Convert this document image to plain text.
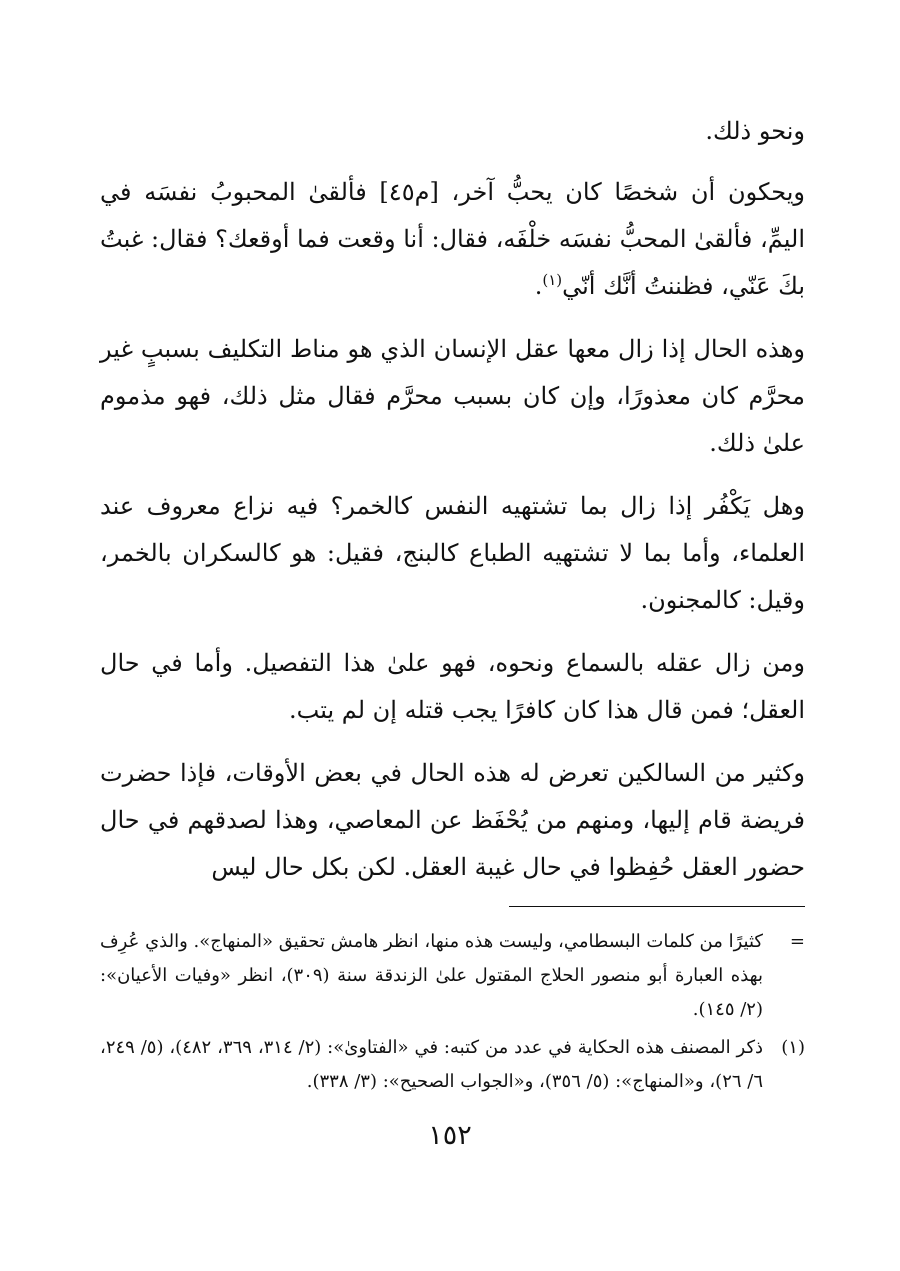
ونحو ذلك.

ويحكون أن شخصًا كان يحبُّ آخر، [م٤٥] فألقىٰ المحبوبُ نفسَه في اليمِّ، فألقىٰ المحبُّ نفسَه خلْفَه، فقال: أنا وقعت فما أوقعك؟ فقال: غبتُ بكَ عَنّي، فظننتُ أنَّك أنّي$^{(١)}$.

وهذه الحال إذا زال معها عقل الإنسان الذي هو مناط التكليف بسببٍ غير محرَّم كان معذورًا، وإن كان بسبب محرَّم فقال مثل ذلك، فهو مذموم علىٰ ذلك.

وهل يَكْفُر إذا زال بما تشتهيه النفس كالخمر؟ فيه نزاع معروف عند العلماء، وأما بما لا تشتهيه الطباع كالبنج، فقيل: هو كالسكران بالخمر، وقيل: كالمجنون.

ومن زال عقله بالسماع ونحوه، فهو علىٰ هذا التفصيل. وأما في حال العقل؛ فمن قال هذا كان كافرًا يجب قتله إن لم يتب.

وكثير من السالكين تعرض له هذه الحال في بعض الأوقات، فإذا حضرت فريضة قام إليها، ومنهم من يُحْفَظ عن المعاصي، وهذا لصدقهم في حال حضور العقل حُفِظوا في حال غيبة العقل. لكن بكل حال ليس

=
كثيرًا من كلمات البسطامي، وليست هذه منها، انظر هامش تحقيق «المنهاج». والذي عُرِف بهذه العبارة أبو منصور الحلاج المقتول علىٰ الزندقة سنة (٣٠٩)، انظر «وفيات الأعيان»: (٢/ ١٤٥).
(١)
ذكر المصنف هذه الحكاية في عدد من كتبه: في «الفتاوىٰ»: (٢/ ٣١٤، ٣٦٩، ٤٨٢)، (٥/ ٢٤٩، ٦/ ٢٦)، و«المنهاج»: (٥/ ٣٥٦)، و«الجواب الصحيح»: (٣/ ٣٣٨).
١٥٢
